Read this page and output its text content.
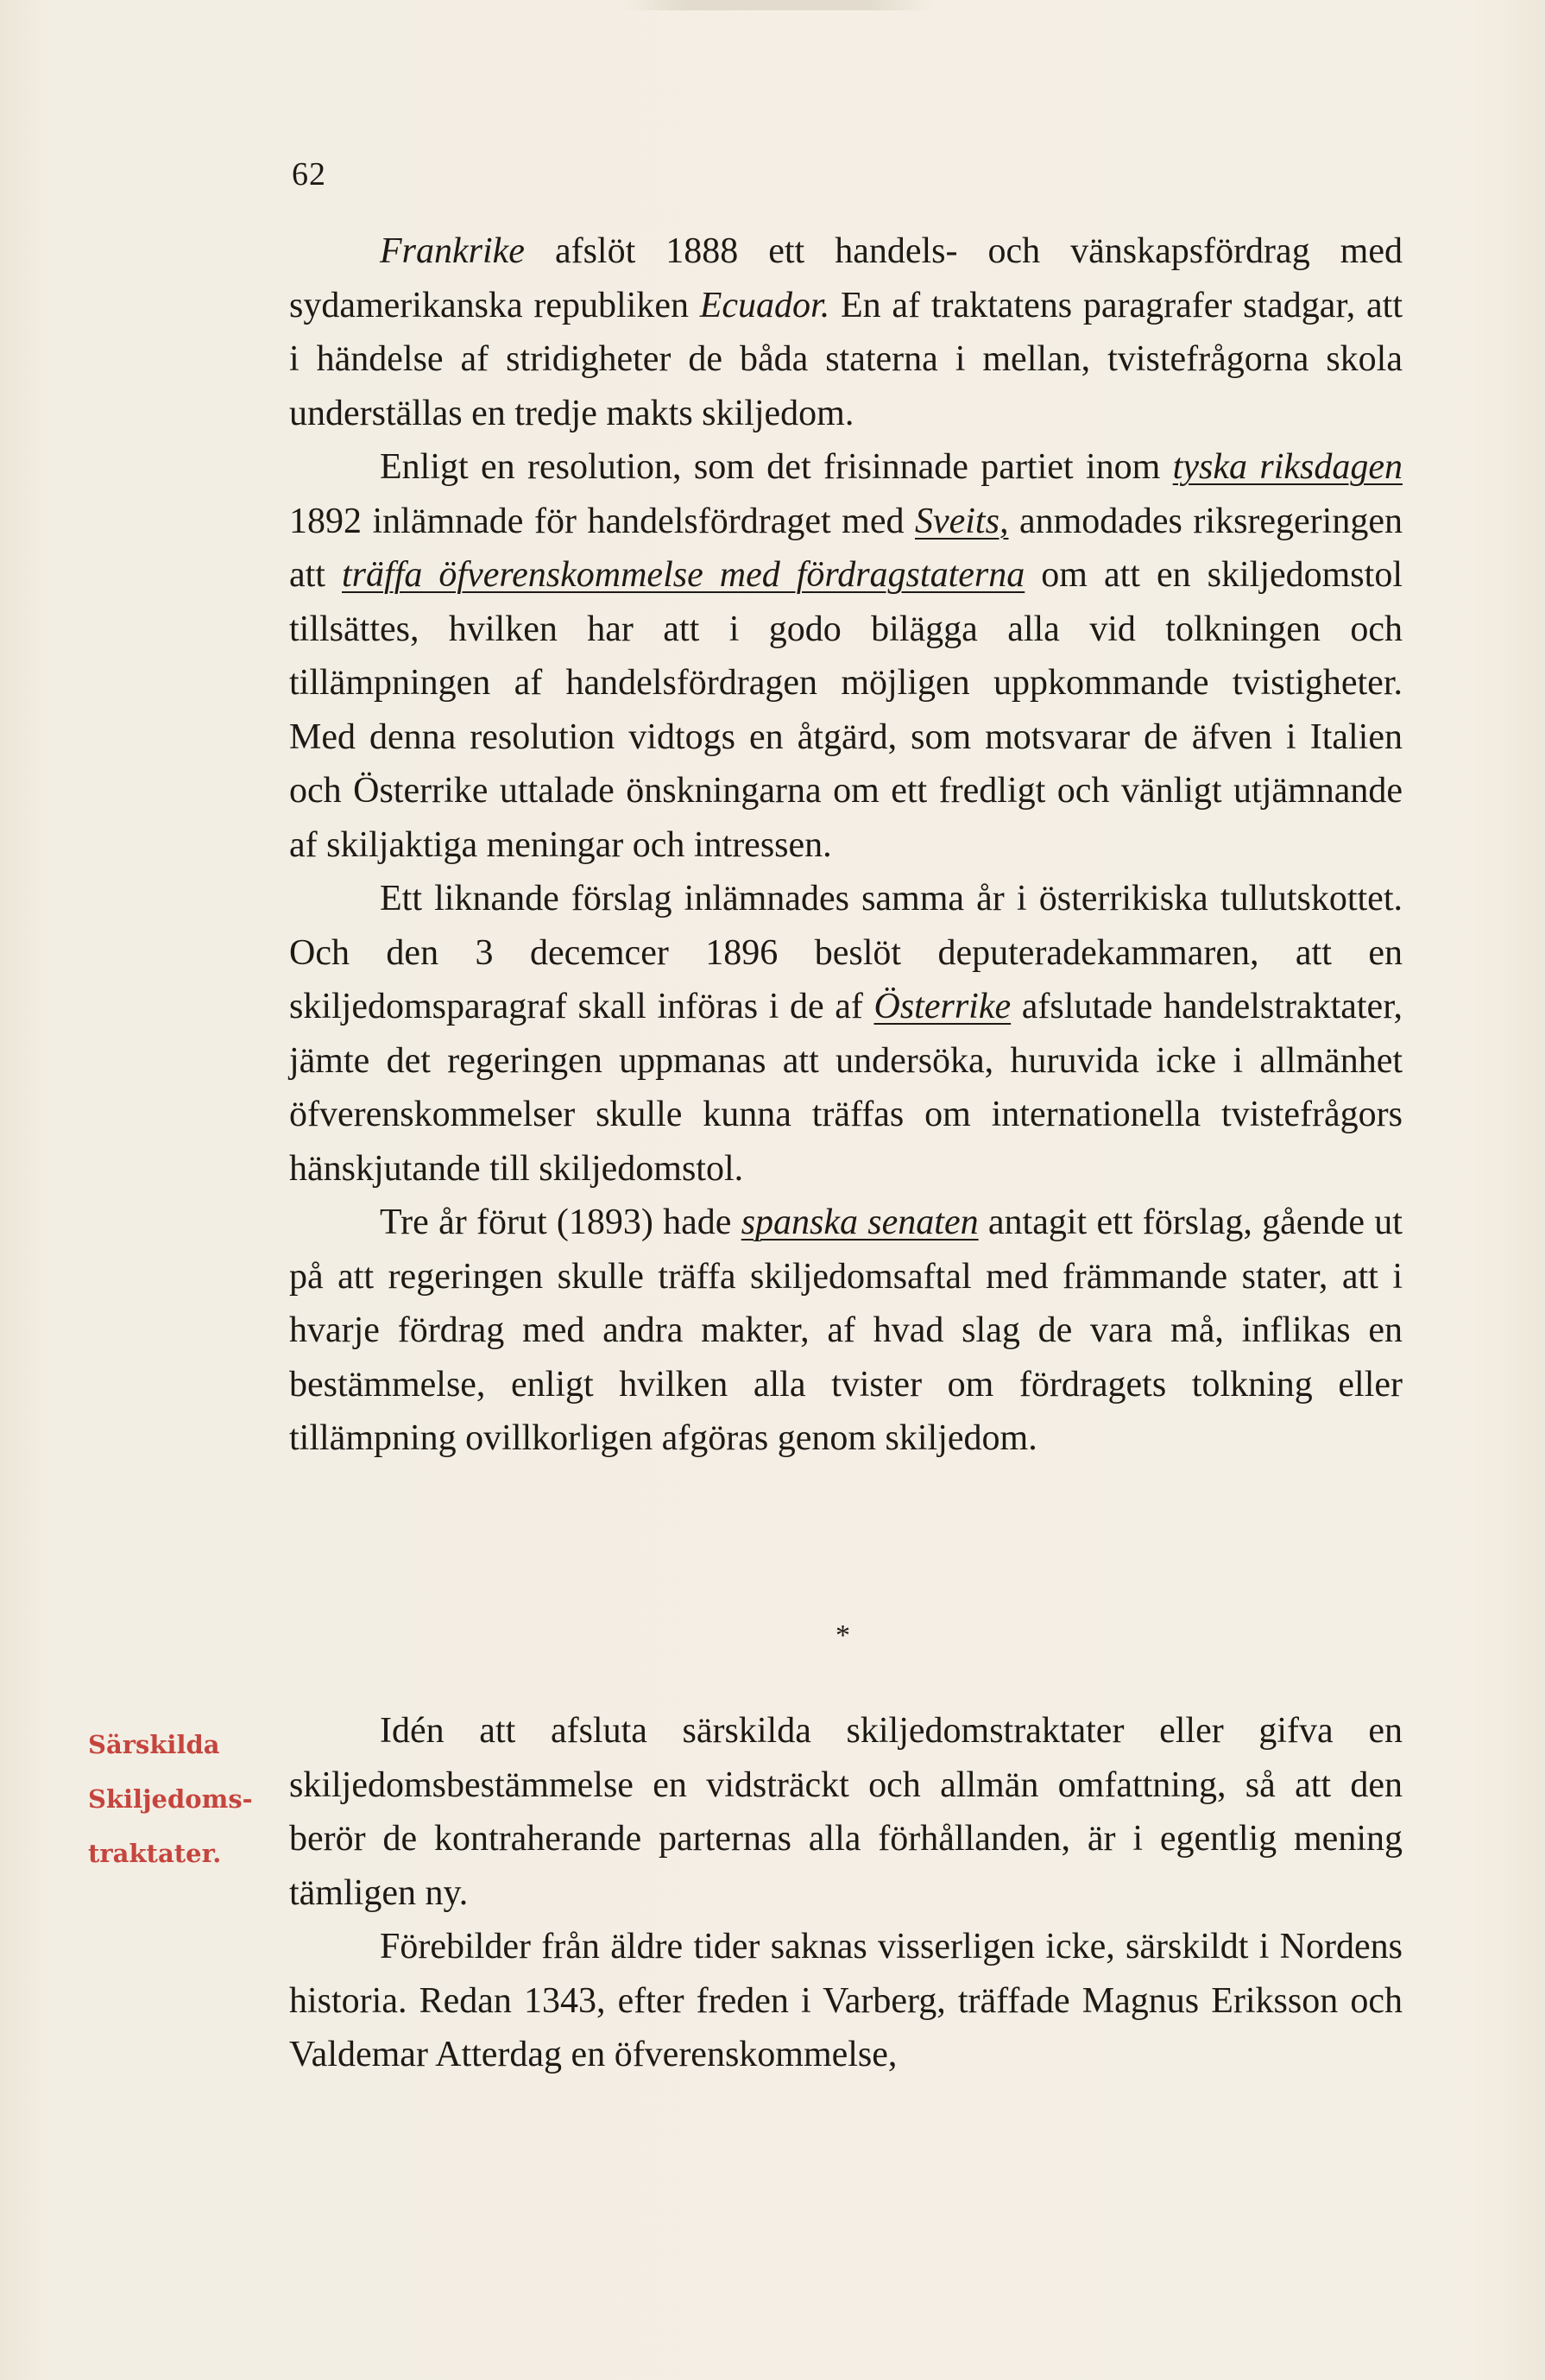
62

Frankrike afslöt 1888 ett handels- och vänskapsfördrag med sydamerikanska republiken Ecuador. En af traktatens paragrafer stadgar, att i händelse af stridigheter de båda staterna i mellan, tvistefrågorna skola underställas en tredje makts skiljedom.

Enligt en resolution, som det frisinnade partiet inom tyska riksdagen 1892 inlämnade för handelsfördraget med Sveits, anmodades riksregeringen att träffa öfverenskommelse med fördragstaterna om att en skiljedomstol tillsättes, hvilken har att i godo bilägga alla vid tolkningen och tillämpningen af handelsfördragen möjligen uppkommande tvistigheter. Med denna resolution vidtogs en åtgärd, som motsvarar de äfven i Italien och Österrike uttalade önskningarna om ett fredligt och vänligt utjämnande af skiljaktiga meningar och intressen.

Ett liknande förslag inlämnades samma år i österrikiska tullutskottet. Och den 3 decemcer 1896 beslöt deputeradekammaren, att en skiljedomsparagraf skall införas i de af Österrike afslutade handelstraktater, jämte det regeringen uppmanas att undersöka, huruvida icke i allmänhet öfverenskommelser skulle kunna träffas om internationella tvistefrågors hänskjutande till skiljedomstol.

Tre år förut (1893) hade spanska senaten antagit ett förslag, gående ut på att regeringen skulle träffa skiljedomsaftal med främmande stater, att i hvarje fördrag med andra makter, af hvad slag de vara må, inflikas en bestämmelse, enligt hvilken alla tvister om fördragets tolkning eller tillämpning ovillkorligen afgöras genom skiljedom.

*
Särskilda
Skiljedoms-
traktater.

Idén att afsluta särskilda skiljedomstraktater eller gifva en skiljedomsbestämmelse en vidsträckt och allmän omfattning, så att den berör de kontraherande parternas alla förhållanden, är i egentlig mening tämligen ny.

Förebilder från äldre tider saknas visserligen icke, särskildt i Nordens historia. Redan 1343, efter freden i Varberg, träffade Magnus Eriksson och Valdemar Atterdag en öfverenskommelse,
